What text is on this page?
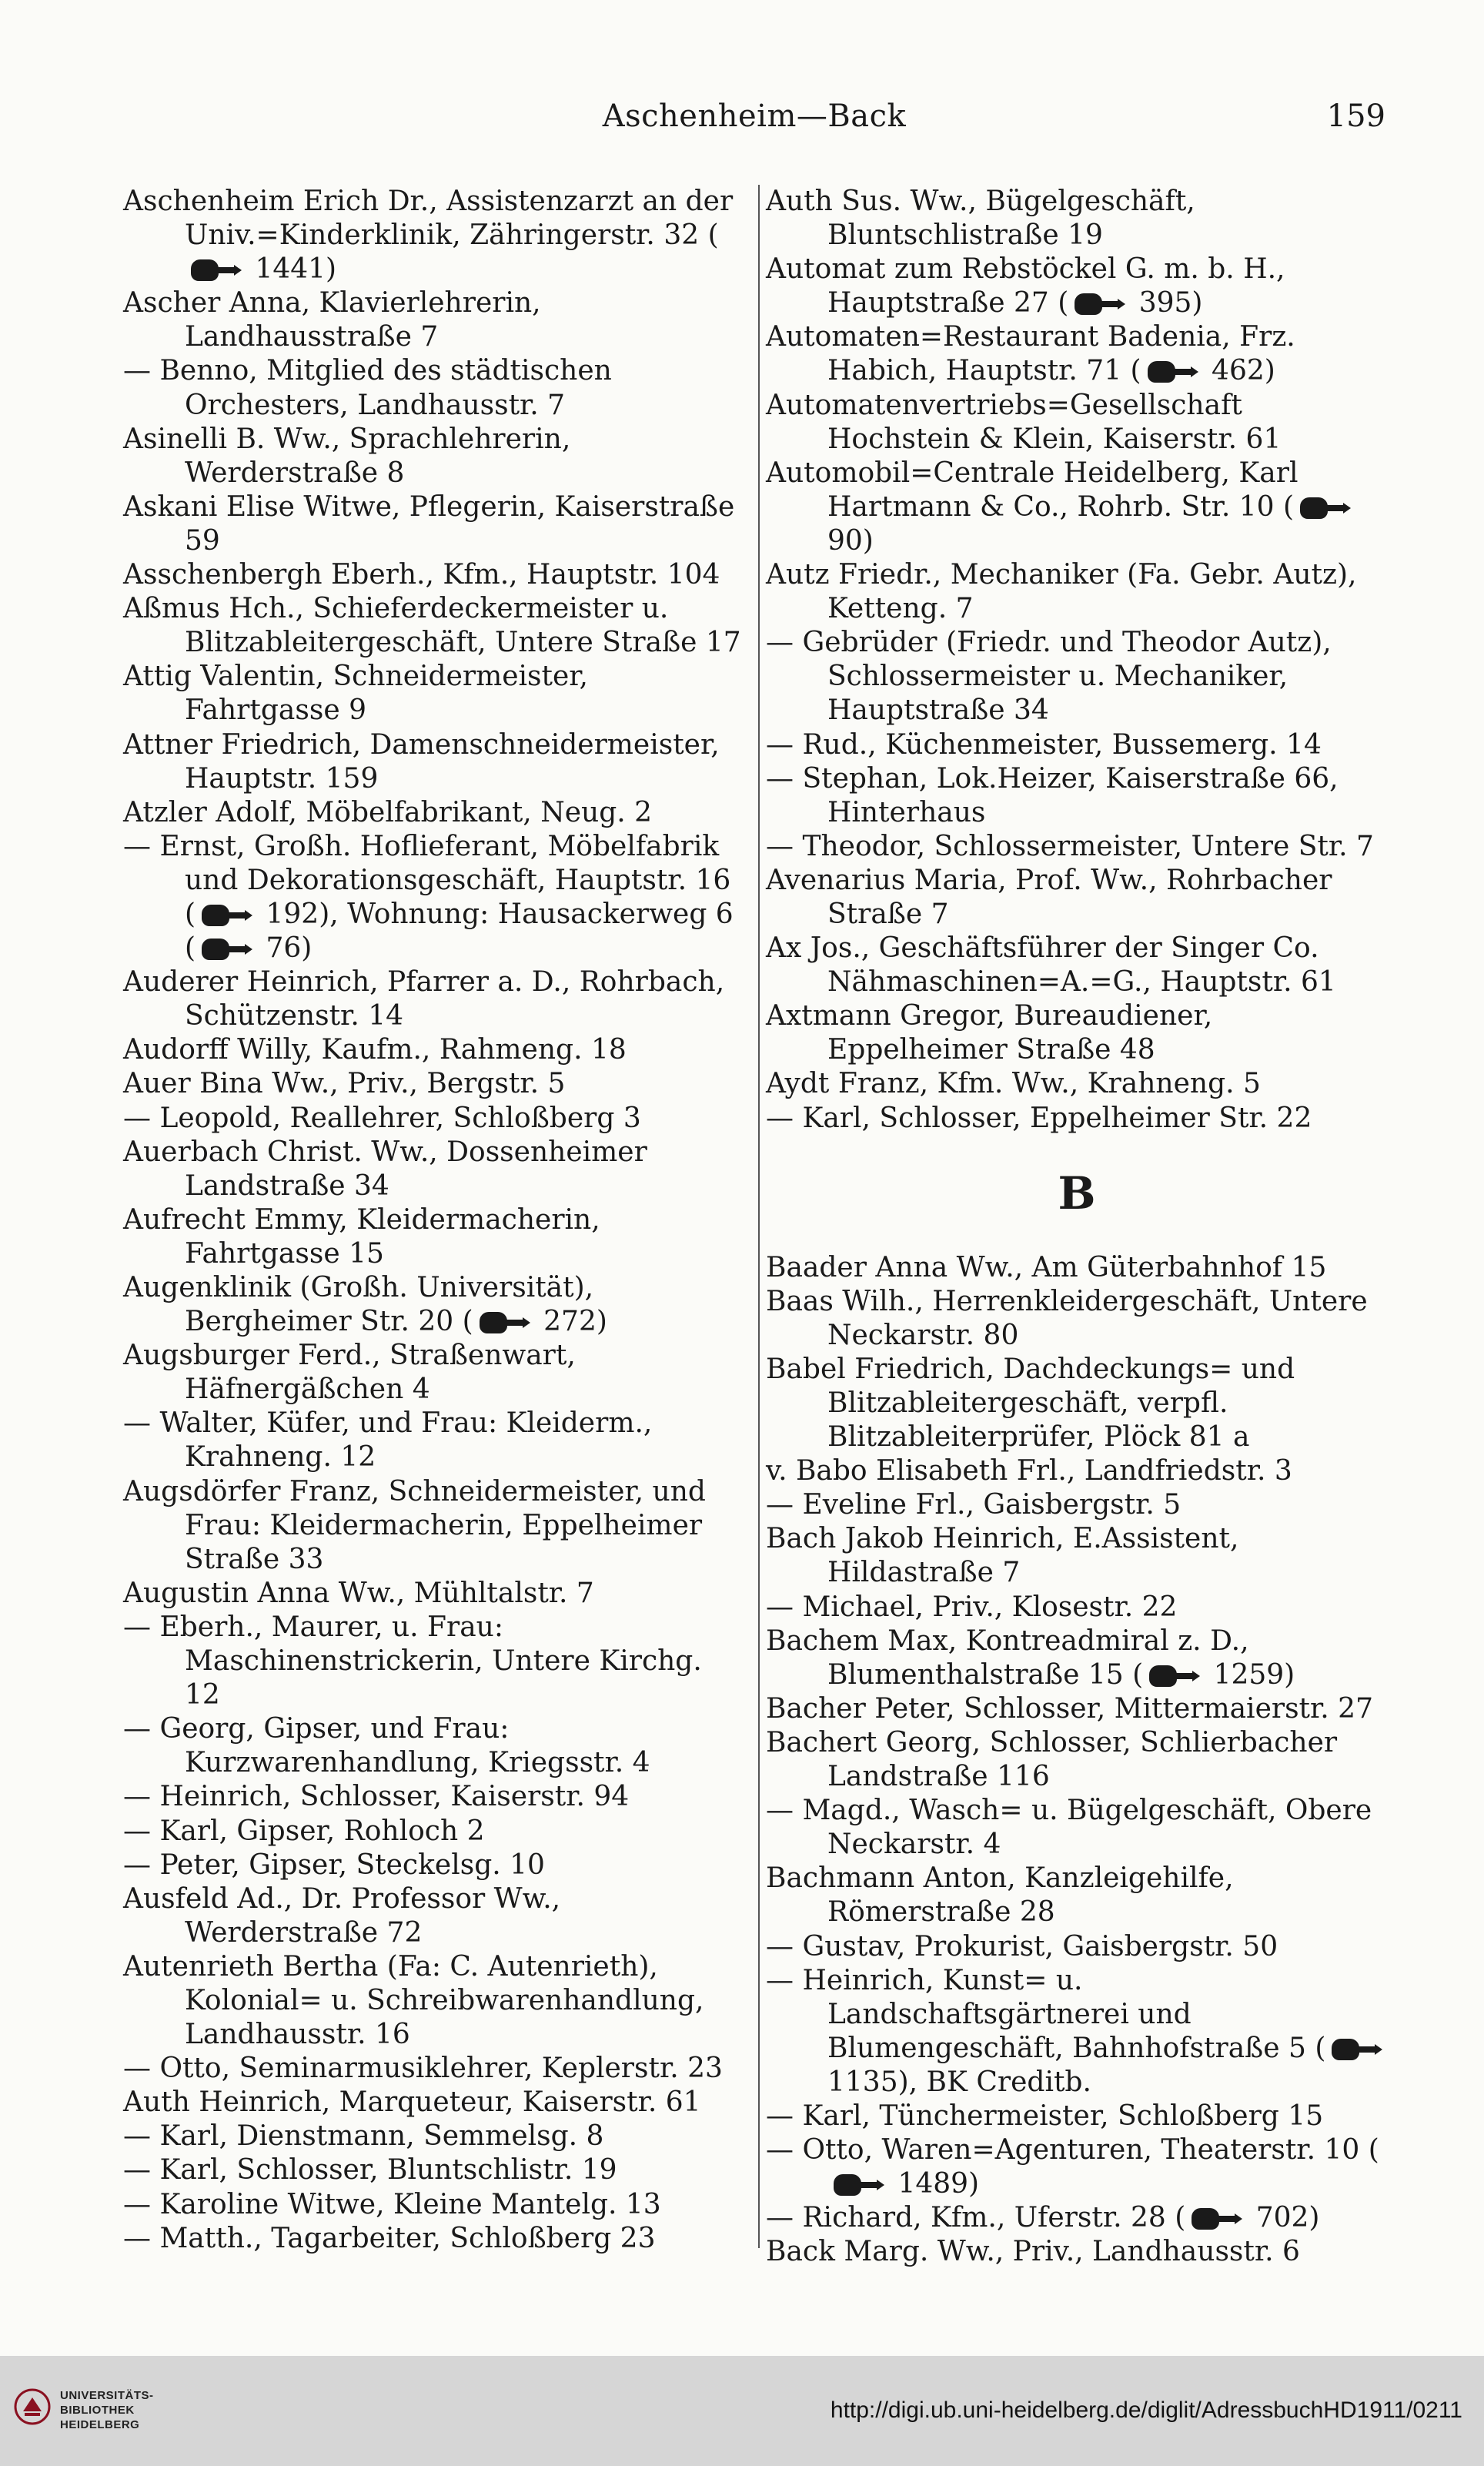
Aschenheim—Back	159
Aschenheim Erich Dr., Assistenzarzt an der Univ.=Kinderklinik, Zähringerstr. 32 (
1441)
Ascher Anna, Klavierlehrerin, Landhausstraße 7
— Benno, Mitglied des städtischen Orchesters, Landhausstr. 7
Asinelli B. Ww., Sprachlehrerin, Werderstraße 8
Askani Elise Witwe, Pflegerin, Kaiserstraße 59
Asschenbergh Eberh., Kfm., Hauptstr. 104
Aßmus Hch., Schieferdeckermeister u. Blitzableitergeschäft, Untere Straße 17
Attig Valentin, Schneidermeister, Fahrtgasse 9
Attner Friedrich, Damenschneidermeister, Hauptstr. 159
Atzler Adolf, Möbelfabrikant, Neug. 2
— Ernst, Großh. Hoflieferant, Möbelfabrik und Dekorationsgeschäft, Hauptstr. 16 (
192), Wohnung: Hausackerweg 6 (
76)
Auderer Heinrich, Pfarrer a. D., Rohrbach, Schützenstr. 14
Audorff Willy, Kaufm., Rahmeng. 18
Auer Bina Ww., Priv., Bergstr. 5
— Leopold, Reallehrer, Schloßberg 3
Auerbach Christ. Ww., Dossenheimer Landstraße 34
Aufrecht Emmy, Kleidermacherin, Fahrtgasse 15
Augenklinik (Großh. Universität), Bergheimer Str. 20 (
272)
Augsburger Ferd., Straßenwart, Häfnergäßchen 4
— Walter, Küfer, und Frau: Kleiderm., Krahneng. 12
Augsdörfer Franz, Schneidermeister, und Frau: Kleidermacherin, Eppelheimer Straße 33
Augustin Anna Ww., Mühltalstr. 7
— Eberh., Maurer, u. Frau: Maschinenstrickerin, Untere Kirchg. 12
— Georg, Gipser, und Frau: Kurzwarenhandlung, Kriegsstr. 4
— Heinrich, Schlosser, Kaiserstr. 94
— Karl, Gipser, Rohloch 2
— Peter, Gipser, Steckelsg. 10
Ausfeld Ad., Dr. Professor Ww., Werderstraße 72
Autenrieth Bertha (Fa: C. Autenrieth), Kolonial= u. Schreibwarenhandlung, Landhausstr. 16
— Otto, Seminarmusiklehrer, Keplerstr. 23
Auth Heinrich, Marqueteur, Kaiserstr. 61
— Karl, Dienstmann, Semmelsg. 8
— Karl, Schlosser, Bluntschlistr. 19
— Karoline Witwe, Kleine Mantelg. 13
— Matth., Tagarbeiter, Schloßberg 23
Auth Sus. Ww., Bügelgeschäft, Bluntschlistraße 19
Automat zum Rebstöckel G. m. b. H., Hauptstraße 27 (
395)
Automaten=Restaurant Badenia, Frz. Habich, Hauptstr. 71 (
462)
Automatenvertriebs=Gesellschaft Hochstein & Klein, Kaiserstr. 61
Automobil=Centrale Heidelberg, Karl Hartmann & Co., Rohrb. Str. 10 (
90)
Autz Friedr., Mechaniker (Fa. Gebr. Autz), Ketteng. 7
— Gebrüder (Friedr. und Theodor Autz), Schlossermeister u. Mechaniker, Hauptstraße 34
— Rud., Küchenmeister, Bussemerg. 14
— Stephan, Lok.Heizer, Kaiserstraße 66, Hinterhaus
— Theodor, Schlossermeister, Untere Str. 7
Avenarius Maria, Prof. Ww., Rohrbacher Straße 7
Ax Jos., Geschäftsführer der Singer Co. Nähmaschinen=A.=G., Hauptstr. 61
Axtmann Gregor, Bureaudiener, Eppelheimer Straße 48
Aydt Franz, Kfm. Ww., Krahneng. 5
— Karl, Schlosser, Eppelheimer Str. 22
B
Baader Anna Ww., Am Güterbahnhof 15
Baas Wilh., Herrenkleidergeschäft, Untere Neckarstr. 80
Babel Friedrich, Dachdeckungs= und Blitzableitergeschäft, verpfl. Blitzableiterprüfer, Plöck 81 a
v. Babo Elisabeth Frl., Landfriedstr. 3
— Eveline Frl., Gaisbergstr. 5
Bach Jakob Heinrich, E.Assistent, Hildastraße 7
— Michael, Priv., Klosestr. 22
Bachem Max, Kontreadmiral z. D., Blumenthalstraße 15 (
1259)
Bacher Peter, Schlosser, Mittermaierstr. 27
Bachert Georg, Schlosser, Schlierbacher Landstraße 116
— Magd., Wasch= u. Bügelgeschäft, Obere Neckarstr. 4
Bachmann Anton, Kanzleigehilfe, Römerstraße 28
— Gustav, Prokurist, Gaisbergstr. 50
— Heinrich, Kunst= u. Landschaftsgärtnerei und Blumengeschäft, Bahnhofstraße 5 (
1135), BK Creditb.
— Karl, Tünchermeister, Schloßberg 15
— Otto, Waren=Agenturen, Theaterstr. 10 (
1489)
— Richard, Kfm., Uferstr. 28 (
702)
Back Marg. Ww., Priv., Landhausstr. 6
UNIVERSITÄTS-
BIBLIOTHEK
HEIDELBERG
http://digi.ub.uni-heidelberg.de/diglit/AdressbuchHD1911/0211
